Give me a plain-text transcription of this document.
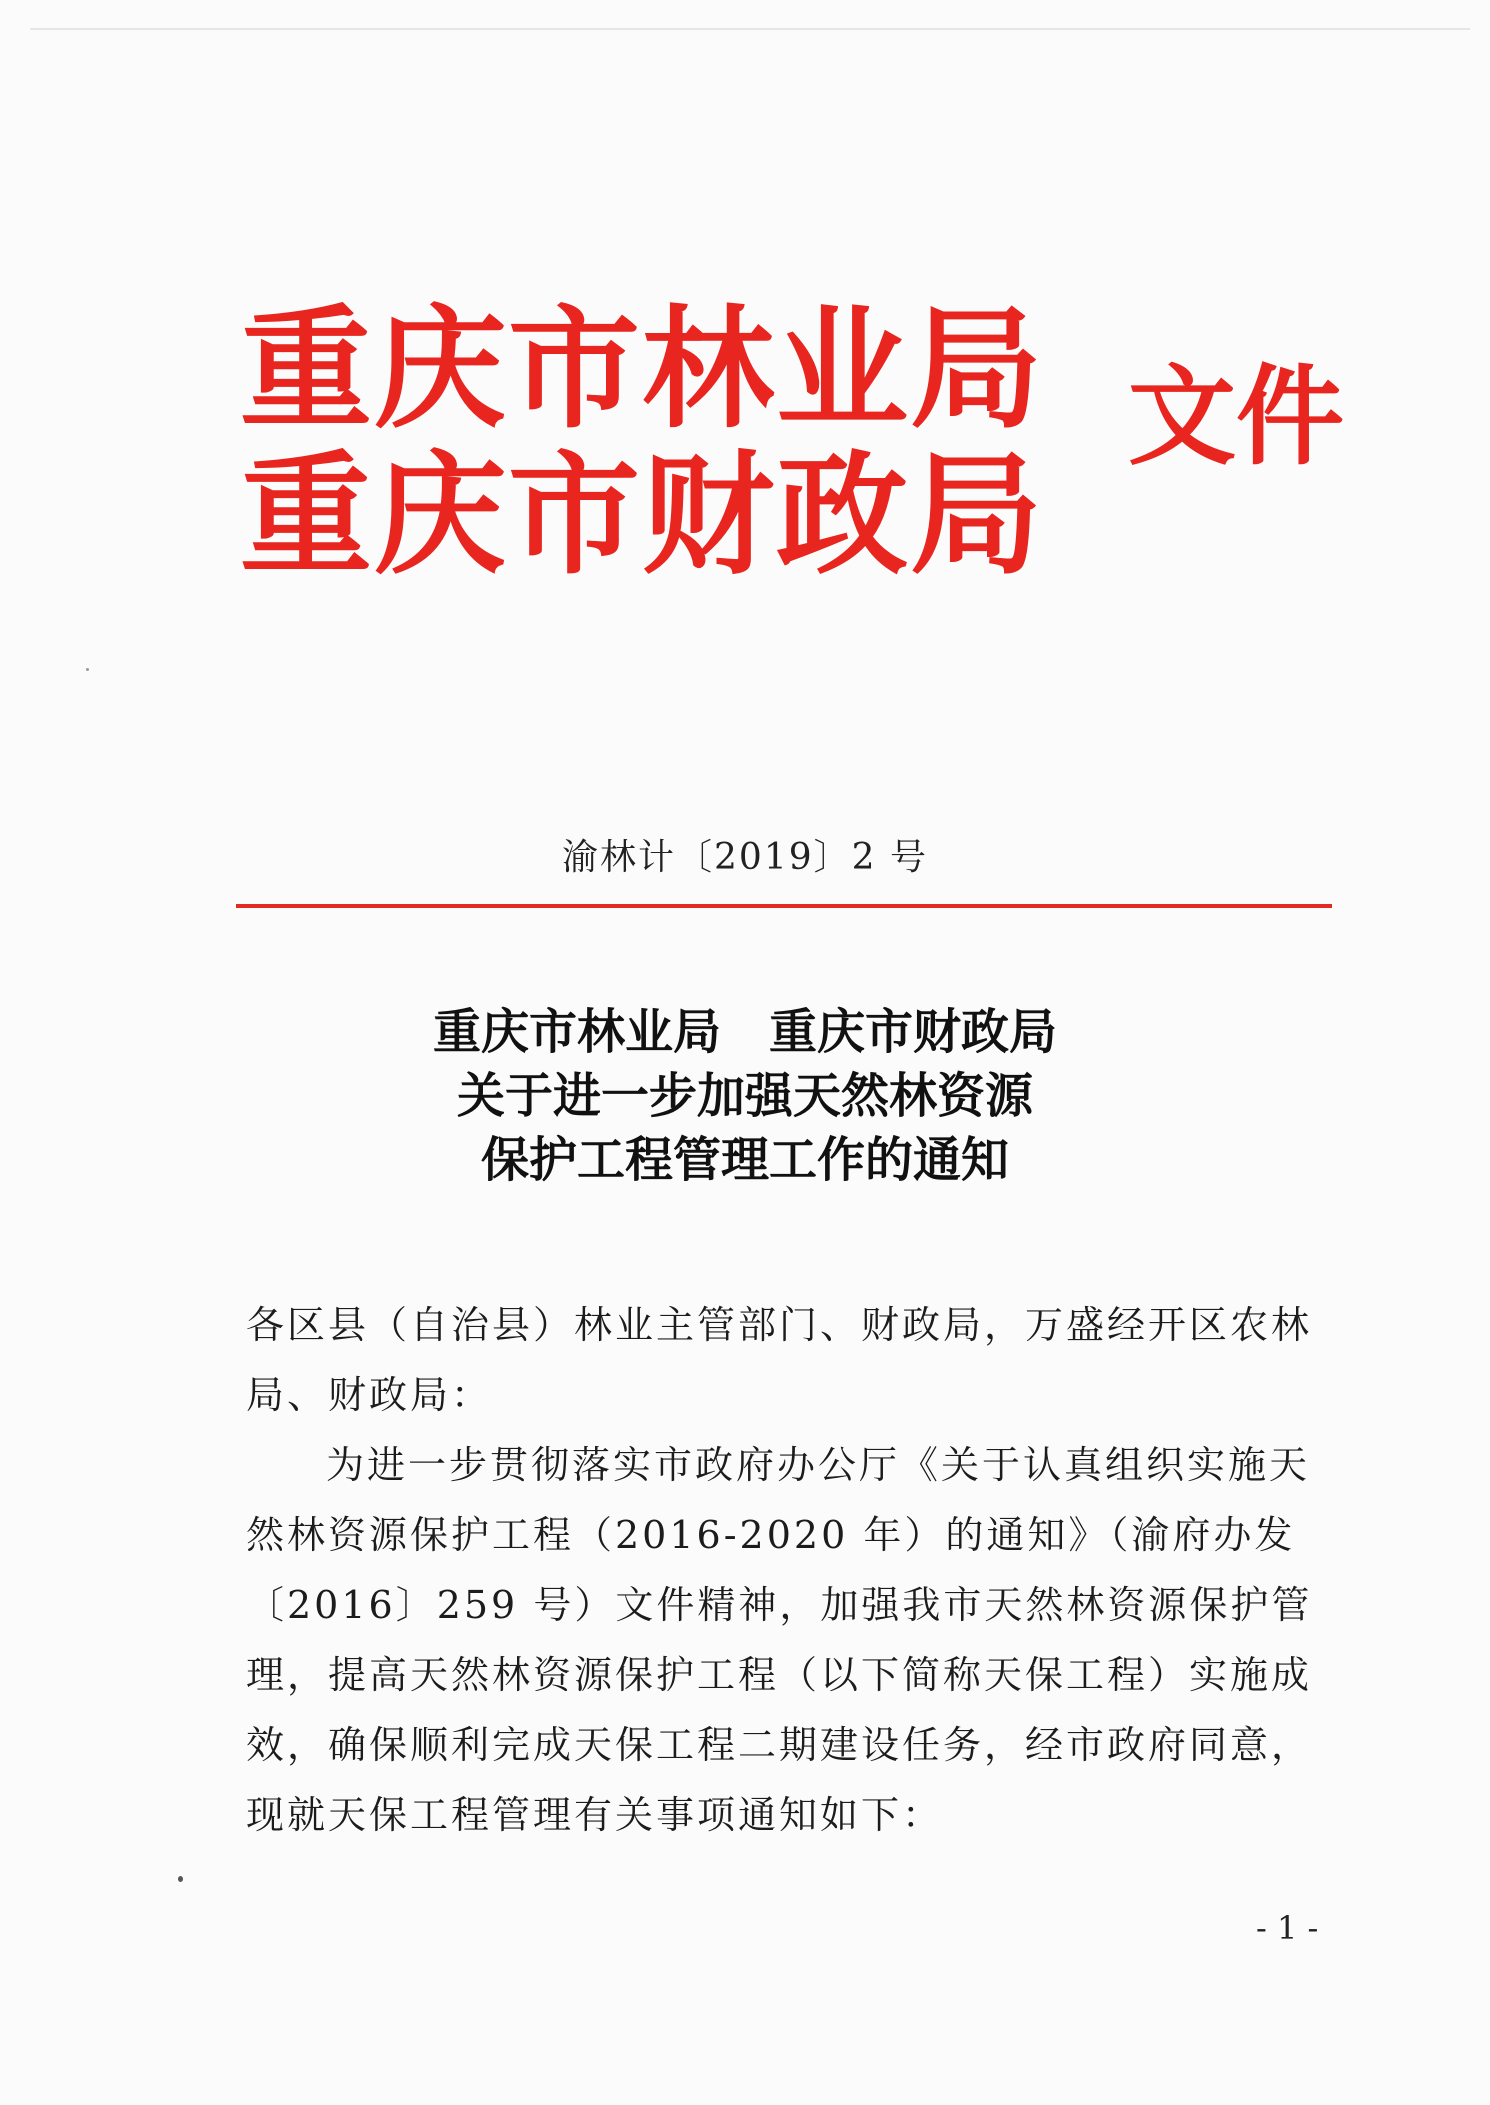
重庆市林业局
重庆市财政局
文件
渝林计〔2019〕2 号
重庆市林业局　重庆市财政局
关于进一步加强天然林资源
保护工程管理工作的通知

各区县（自治县）林业主管部门、财政局，万盛经开区农林局、财政局：

为进一步贯彻落实市政府办公厅《关于认真组织实施天然林资源保护工程（2016-2020 年）的通知》（渝府办发〔2016〕259 号）文件精神，加强我市天然林资源保护管理，提高天然林资源保护工程（以下简称天保工程）实施成效，确保顺利完成天保工程二期建设任务，经市政府同意，现就天保工程管理有关事项通知如下：

- 1 -
